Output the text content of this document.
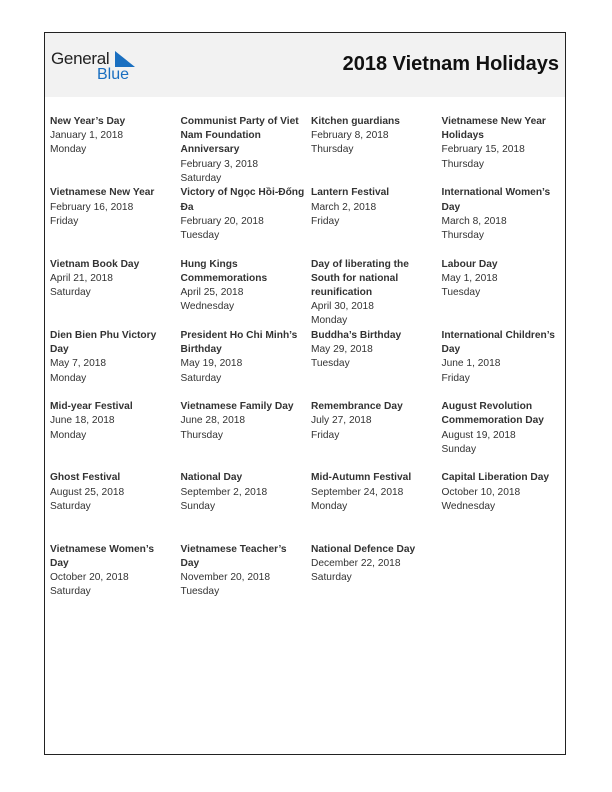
General
Blue	2018 Vietnam Holidays
New Year’s Day
January 1, 2018
Monday
Communist Party of Viet Nam Foundation Anniversary
February 3, 2018
Saturday
Kitchen guardians
February 8, 2018
Thursday
Vietnamese New Year Holidays
February 15, 2018
Thursday
Vietnamese New Year
February 16, 2018
Friday
Victory of Ngọc Hồi-Đống Đa
February 20, 2018
Tuesday
Lantern Festival
March 2, 2018
Friday
International Women’s Day
March 8, 2018
Thursday
Vietnam Book Day
April 21, 2018
Saturday
Hung Kings Commemorations
April 25, 2018
Wednesday
Day of liberating the South for national reunification
April 30, 2018
Monday
Labour Day
May 1, 2018
Tuesday
Dien Bien Phu Victory Day
May 7, 2018
Monday
President Ho Chi Minh’s Birthday
May 19, 2018
Saturday
Buddha’s Birthday
May 29, 2018
Tuesday
International Children’s Day
June 1, 2018
Friday
Mid-year Festival
June 18, 2018
Monday
Vietnamese Family Day
June 28, 2018
Thursday
Remembrance Day
July 27, 2018
Friday
August Revolution Commemoration Day
August 19, 2018
Sunday
Ghost Festival
August 25, 2018
Saturday
National Day
September 2, 2018
Sunday
Mid-Autumn Festival
September 24, 2018
Monday
Capital Liberation Day
October 10, 2018
Wednesday
Vietnamese Women’s Day
October 20, 2018
Saturday
Vietnamese Teacher’s Day
November 20, 2018
Tuesday
National Defence Day
December 22, 2018
Saturday
